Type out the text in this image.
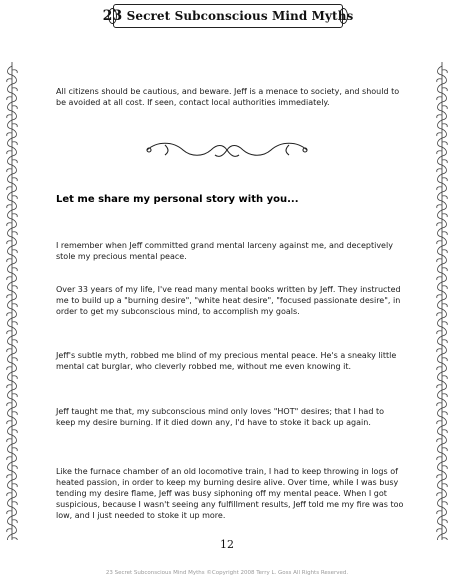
23 Secret Subconscious Mind Myths
All citizens should be cautious, and beware. Jeff is a menace to society, and should to be avoided at all cost. If seen, contact local authorities immediately.
Let me share my personal story with you...
I remember when Jeff committed grand mental larceny against me, and deceptively stole my precious mental peace.
Over 33 years of my life, I've read many mental books written by Jeff. They instructed me to build up a "burning desire", "white heat desire", "focused passionate desire", in order to get my subconscious mind, to accomplish my goals.
Jeff's subtle myth, robbed me blind of my precious mental peace. He's a sneaky little mental cat burglar, who cleverly robbed me, without me even knowing it.
Jeff taught me that, my subconscious mind only loves "HOT" desires; that I had to keep my desire burning. If it died down any, I'd have to stoke it back up again.
Like the furnace chamber of an old locomotive train, I had to keep throwing in logs of heated passion, in order to keep my burning desire alive. Over time, while I was busy tending my desire flame, Jeff was busy siphoning off my mental peace. When I got suspicious, because I wasn't seeing any fulfillment results, Jeff told me my fire was too low, and I just needed to stoke it up more.
12
23 Secret Subconscious Mind Myths ©Copyright 2008 Terry L. Goss All Rights Reserved.
